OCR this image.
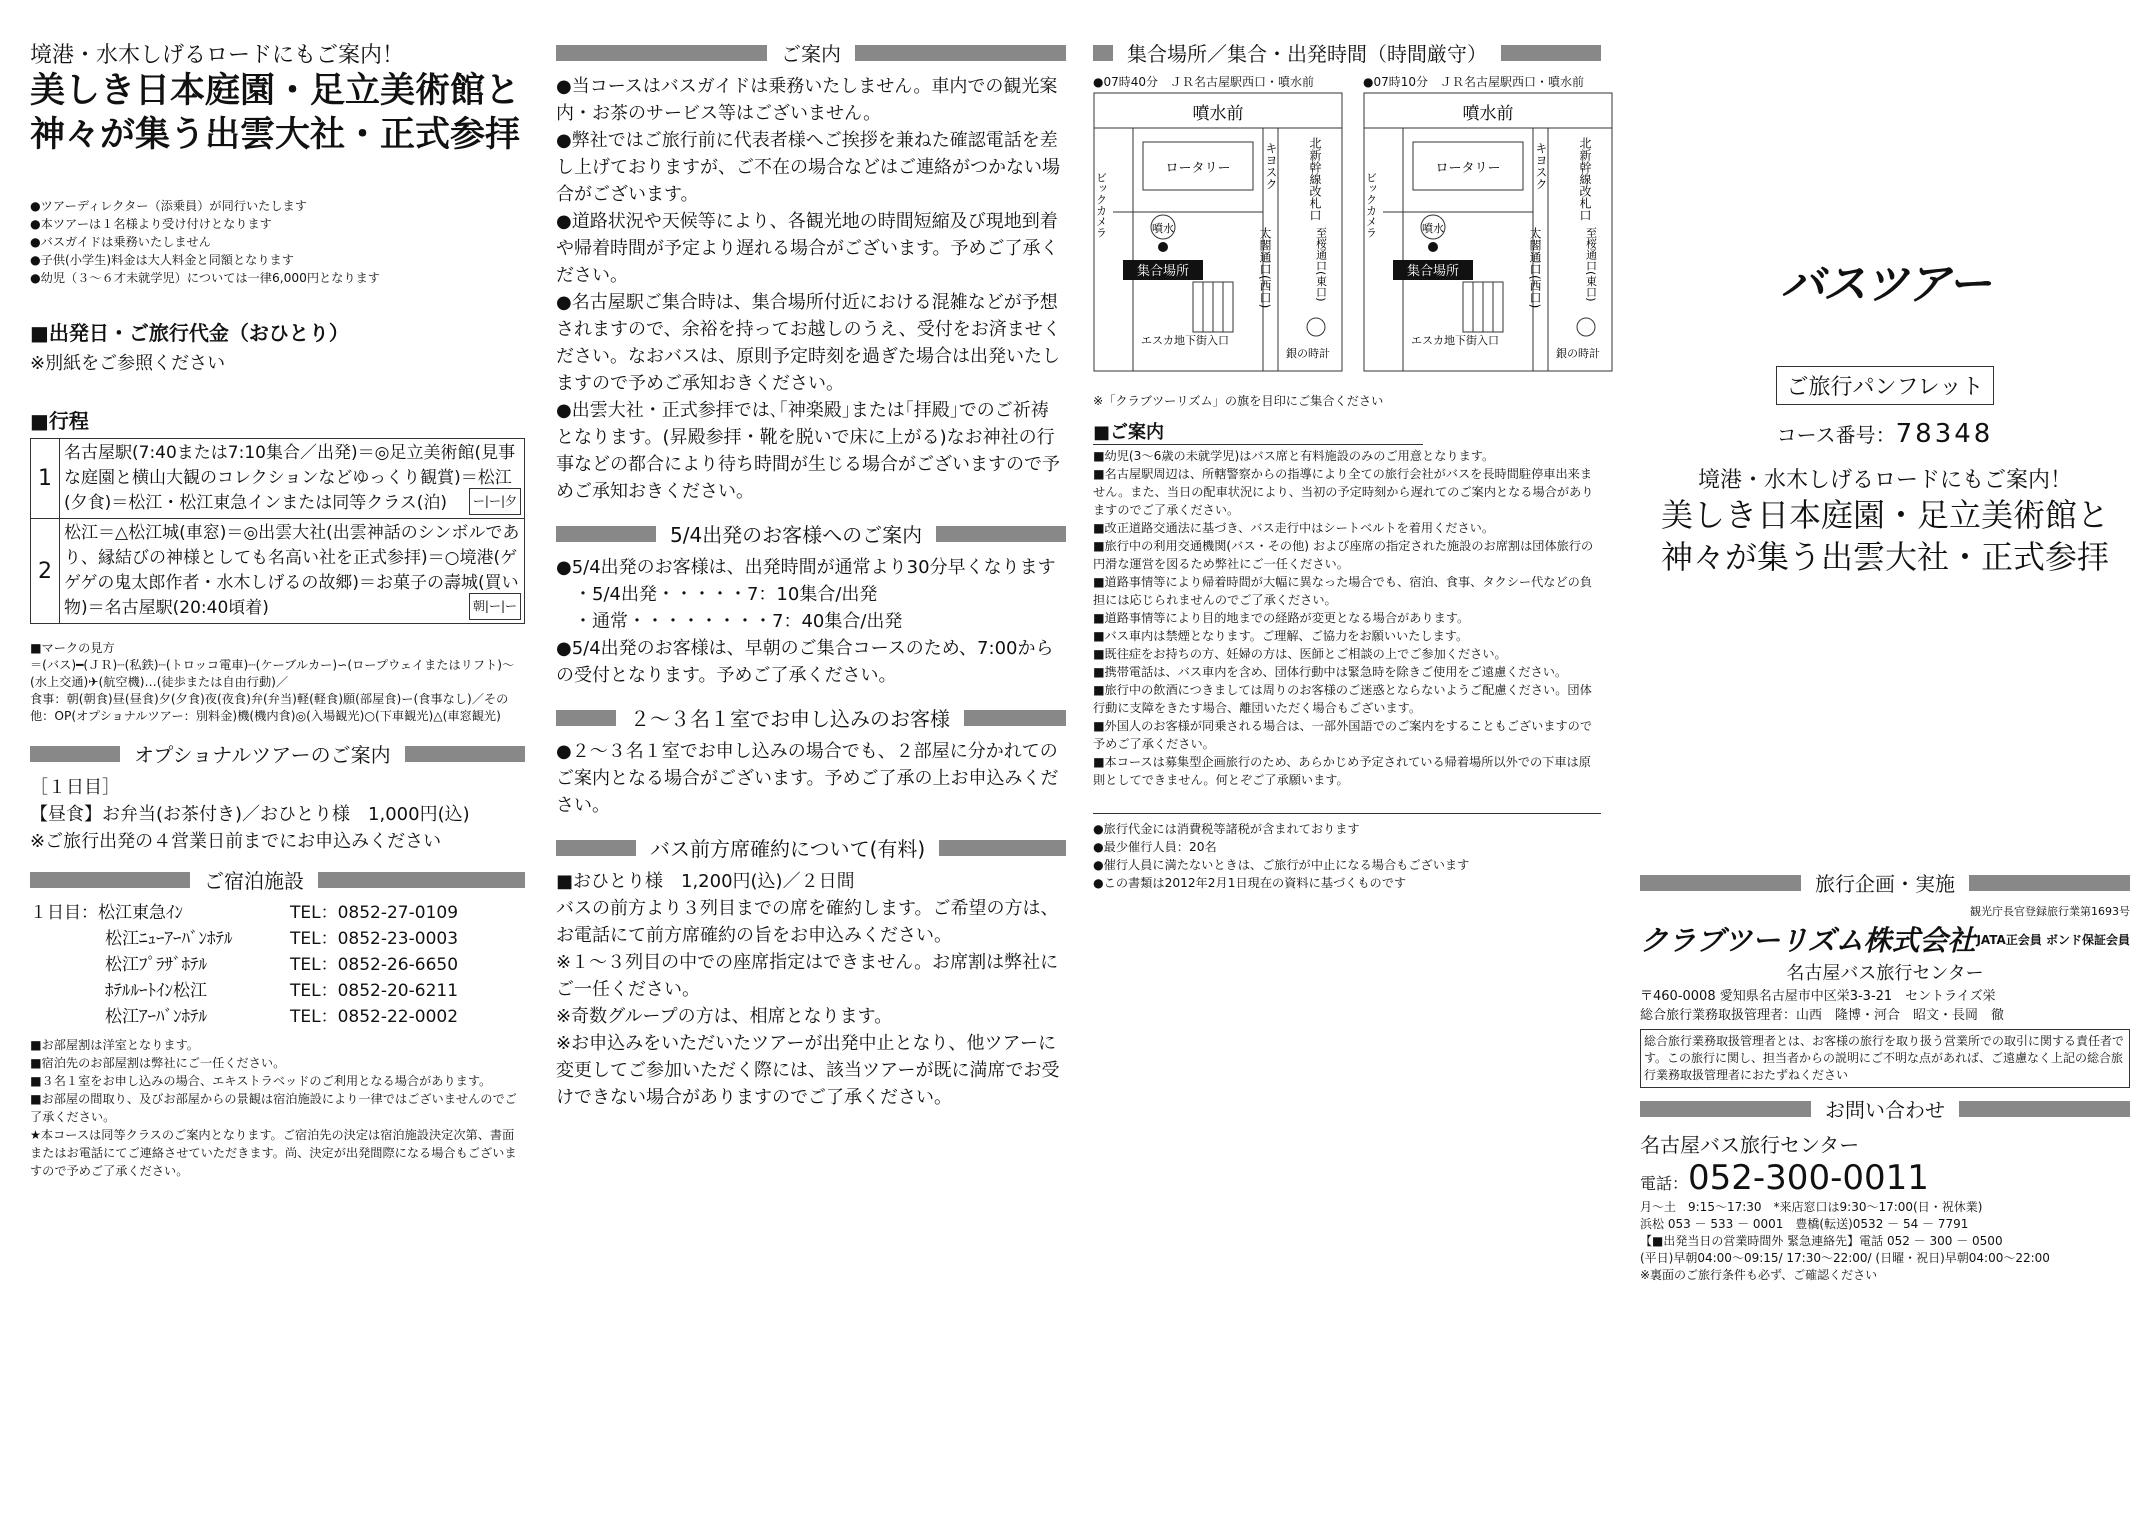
境港・水木しげるロードにもご案内！
美しき日本庭園・足立美術館と
神々が集う出雲大社・正式参拝

●ツアーディレクター（添乗員）が同行いたします

●本ツアーは１名様より受け付けとなります

●バスガイドは乗務いたしません

●子供(小学生)料金は大人料金と同額となります

●幼児（３～６才未就学児）については一律6,000円となります

■出発日・ご旅行代金（おひとり）
※別紙をご参照ください
■行程
1	名古屋駅(7:40または7:10集合／出発)＝◎足立美術館(見事な庭園と横山大観のコレクションなどゆっくり観賞)＝松江(夕食)＝松江・松江東急インまたは同等クラス(泊) ー|ー|夕

2	松江＝△松江城(車窓)＝◎出雲大社(出雲神話のシンボルであり、縁結びの神様としても名高い社を正式参拝)＝○境港(ゲゲゲの鬼太郎作者・水木しげるの故郷)＝お菓子の壽城(買い物)＝名古屋駅(20:40頃着) 朝|ー|ー
■マークの見方
＝(バス)━(ＪＲ)┈(私鉄)┈(トロッコ電車)┈(ケーブルカー)∽(ロープウェイまたはリフト)～(水上交通)✈(航空機)…(徒歩または自由行動)／
食事：朝(朝食)昼(昼食)夕(夕食)夜(夜食)弁(弁当)軽(軽食)願(部屋食)ー(食事なし)／その他：OP(オプショナルツアー：別料金)機(機内食)◎(入場観光)○(下車観光)△(車窓観光)
オプショナルツアーのご案内

［１日目］

【昼食】お弁当(お茶付き)／おひとり様　1,000円(込)

※ご旅行出発の４営業日前までにお申込みください

ご宿泊施設
１日目：松江東急ｲﾝ	TEL：0852-27-0109
松江ﾆｭｰｱｰﾊﾞﾝﾎﾃﾙ	TEL：0852-23-0003
松江ﾌﾟﾗｻﾞﾎﾃﾙ	TEL：0852-26-6650
ﾎﾃﾙﾙｰﾄｲﾝ松江	TEL：0852-20-6211
松江ｱｰﾊﾞﾝﾎﾃﾙ	TEL：0852-22-0002

■お部屋割は洋室となります。

■宿泊先のお部屋割は弊社にご一任ください。

■３名１室をお申し込みの場合、エキストラベッドのご利用となる場合があります。

■お部屋の間取り、及びお部屋からの景観は宿泊施設により一律ではございませんのでご了承ください。

★本コースは同等クラスのご案内となります。ご宿泊先の決定は宿泊施設決定次第、書面またはお電話にてご連絡させていただきます。尚、決定が出発間際になる場合もございますので予めご了承ください。

ご案内

●当コースはバスガイドは乗務いたしません。車内での観光案内・お茶のサービス等はございません。

●弊社ではご旅行前に代表者様へご挨拶を兼ねた確認電話を差し上げておりますが、ご不在の場合などはご連絡がつかない場合がございます。

●道路状況や天候等により、各観光地の時間短縮及び現地到着や帰着時間が予定より遅れる場合がございます。予めご了承ください。

●名古屋駅ご集合時は、集合場所付近における混雑などが予想されますので、余裕を持ってお越しのうえ、受付をお済ませください。なおバスは、原則予定時刻を過ぎた場合は出発いたしますので予めご承知おきください。

●出雲大社・正式参拝では､｢神楽殿｣または｢拝殿｣でのご祈祷となります。(昇殿参拝・靴を脱いで床に上がる)なお神社の行事などの都合により待ち時間が生じる場合がございますので予めご承知おきください。

5/4出発のお客様へのご案内

●5/4出発のお客様は、出発時間が通常より30分早くなります

　・5/4出発・・・・・7：10集合/出発

　・通常・・・・・・・・7：40集合/出発

●5/4出発のお客様は、早朝のご集合コースのため、7:00からの受付となります。予めご了承ください。

２～３名１室でお申し込みのお客様

●２～３名１室でお申し込みの場合でも、２部屋に分かれてのご案内となる場合がございます。予めご了承の上お申込みください。

バス前方席確約について(有料)

■おひとり様　1,200円(込)／２日間

バスの前方より３列目までの席を確約します。ご希望の方は、お電話にて前方席確約の旨をお申込みください。

※１～３列目の中での座席指定はできません。お席割は弊社にご一任ください。

※奇数グループの方は、相席となります。

※お申込みをいただいたツアーが出発中止となり、他ツアーに変更してご参加いただく際には、該当ツアーが既に満席でお受けできない場合がありますのでご了承ください。

集合場所／集合・出発時間（時間厳守）
●07時40分　ＪＲ名古屋駅西口・噴水前
噴水前
ロータリー
噴水
集合場所
エスカ地下街入口
ビックカメラ
キヨスク	北新幹線改札口
太閤通口(西口)	至桜通口(東口)
銀の時計
●07時10分　ＪＲ名古屋駅西口・噴水前
噴水前
ロータリー
噴水
集合場所
エスカ地下街入口
ビックカメラ
キヨスク	北新幹線改札口
太閤通口(西口)	至桜通口(東口)
銀の時計
※「クラブツーリズム」の旗を目印にご集合ください
■ご案内

■幼児(3～6歳の未就学児)はバス席と有料施設のみのご用意となります。

■名古屋駅周辺は、所轄警察からの指導により全ての旅行会社がバスを長時間駐停車出来ません。また、当日の配車状況により、当初の予定時刻から遅れてのご案内となる場合がありますのでご了承ください。

■改正道路交通法に基づき、バス走行中はシートベルトを着用ください。

■旅行中の利用交通機関(バス・その他) および座席の指定された施設のお席割は団体旅行の円滑な運営を図るため弊社にご一任ください。

■道路事情等により帰着時間が大幅に異なった場合でも、宿泊、食事、タクシー代などの負担には応じられませんのでご了承ください。

■道路事情等により目的地までの経路が変更となる場合があります。

■バス車内は禁煙となります。ご理解、ご協力をお願いいたします。

■既往症をお持ちの方、妊婦の方は、医師とご相談の上でご参加ください。

■携帯電話は、バス車内を含め、団体行動中は緊急時を除きご使用をご遠慮ください。

■旅行中の飲酒につきましては周りのお客様のご迷惑とならないようご配慮ください。団体行動に支障をきたす場合、離団いただく場合もございます。

■外国人のお客様が同乗される場合は、一部外国語でのご案内をすることもございますので予めご了承ください。

■本コースは募集型企画旅行のため、あらかじめ予定されている帰着場所以外での下車は原則としてできません。何とぞご了承願います。

●旅行代金には消費税等諸税が含まれております

●最少催行人員：20名

●催行人員に満たないときは、ご旅行が中止になる場合もございます

●この書類は2012年2月1日現在の資料に基づくものです

バスツアー
ご旅行パンフレット
コース番号：78348
境港・水木しげるロードにもご案内！
美しき日本庭園・足立美術館と
神々が集う出雲大社・正式参拝
旅行企画・実施
観光庁長官登録旅行業第1693号
クラブツーリズム株式会社 JATA正会員 ボンド保証会員
名古屋バス旅行センター
〒460-0008 愛知県名古屋市中区栄3-3-21　セントライズ栄
総合旅行業務取扱管理者：山西　隆博・河合　昭文・長岡　徹
総合旅行業務取扱管理者とは、お客様の旅行を取り扱う営業所での取引に関する責任者です。この旅行に関し、担当者からの説明にご不明な点があれば、ご遠慮なく上記の総合旅行業務取扱管理者におたずねください
お問い合わせ
名古屋バス旅行センター
電話：052-300-0011
月～土　9:15～17:30　*来店窓口は9:30～17:00(日・祝休業)
浜松 053 － 533 － 0001　豊橋(転送)0532 － 54 － 7791
【■出発当日の営業時間外 緊急連絡先】電話 052 － 300 － 0500
(平日)早朝04:00～09:15/ 17:30～22:00/ (日曜・祝日)早朝04:00～22:00
※裏面のご旅行条件も必ず、ご確認ください
